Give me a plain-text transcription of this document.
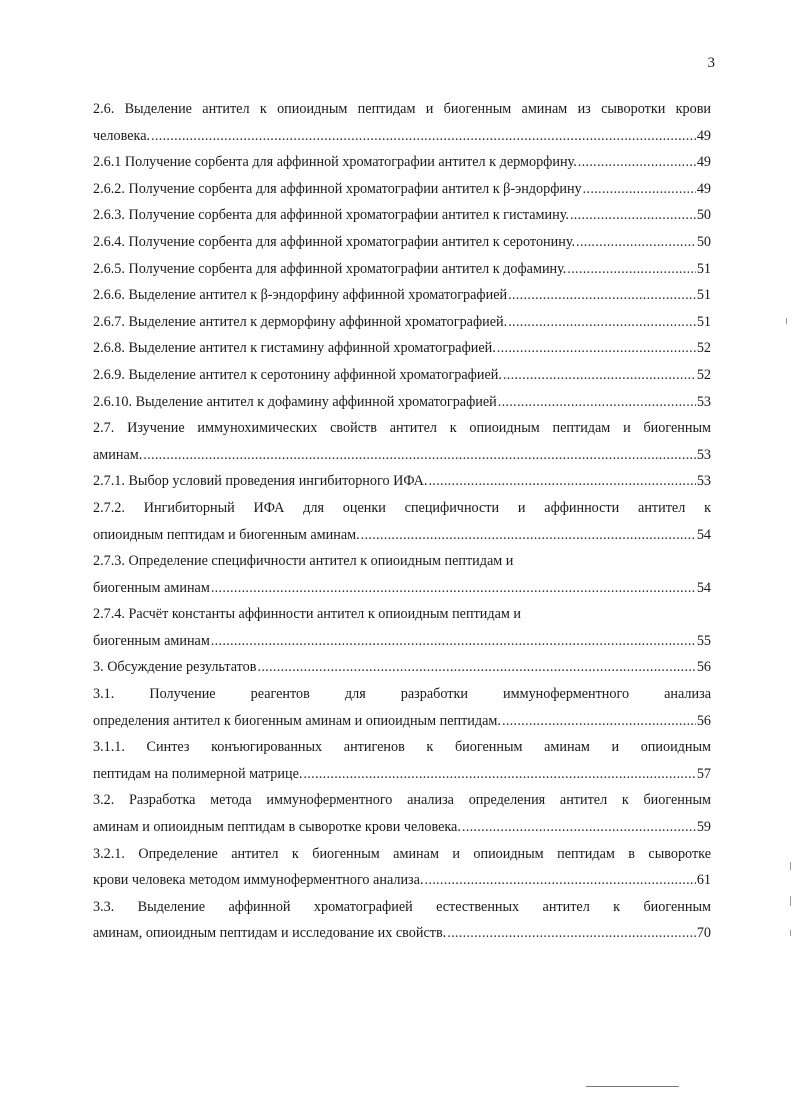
3
2.6. Выделение антител к опиоидным пептидам и биогенным аминам из сыворотки крови
человека. .....	49
2.6.1 Получение сорбента для аффинной хроматографии антител к дерморфину. .....	49
2.6.2. Получение сорбента для аффинной хроматографии антител к β-эндорфину .....	49
2.6.3. Получение сорбента для аффинной хроматографии антител к гистамину. .....	50
2.6.4. Получение сорбента для аффинной хроматографии антител к серотонину. .....	50
2.6.5. Получение сорбента для аффинной хроматографии антител к дофамину. .....	51
2.6.6. Выделение антител к β-эндорфину аффинной хроматографией .....	51
2.6.7. Выделение антител к дерморфину аффинной хроматографией. .....	51
2.6.8. Выделение антител к гистамину аффинной хроматографией. .....	52
2.6.9. Выделение антител к серотонину аффинной хроматографией. .....	52
2.6.10. Выделение антител к дофамину аффинной хроматографией .....	53
2.7. Изучение иммунохимических свойств антител к опиоидным пептидам и биогенным
аминам. .....	53
2.7.1. Выбор условий проведения ингибиторного ИФА. .....	53
2.7.2. Ингибиторный ИФА для оценки специфичности и аффинности антител к
опиоидным пептидам и биогенным аминам. .....	54
2.7.3. Определение специфичности антител к опиоидным пептидам и
биогенным аминам .....	54
2.7.4. Расчёт константы аффинности антител к опиоидным пептидам и
биогенным аминам .....	55
3. Обсуждение результатов .....	56
3.1. Получение реагентов для разработки иммуноферментного анализа
определения антител к биогенным аминам и опиоидным пептидам. .....	56
3.1.1. Синтез конъюгированных антигенов к биогенным аминам и опиоидным
пептидам на полимерной матрице. .....	57
3.2. Разработка метода иммуноферментного анализа определения антител к биогенным
аминам и опиоидным пептидам в сыворотке крови человека. .....	59
3.2.1. Определение антител к биогенным аминам и опиоидным пептидам в сыворотке
крови человека методом иммуноферментного анализа. .....	61
3.3. Выделение аффинной хроматографией естественных антител к биогенным
аминам, опиоидным пептидам и исследование их свойств. .....	70
